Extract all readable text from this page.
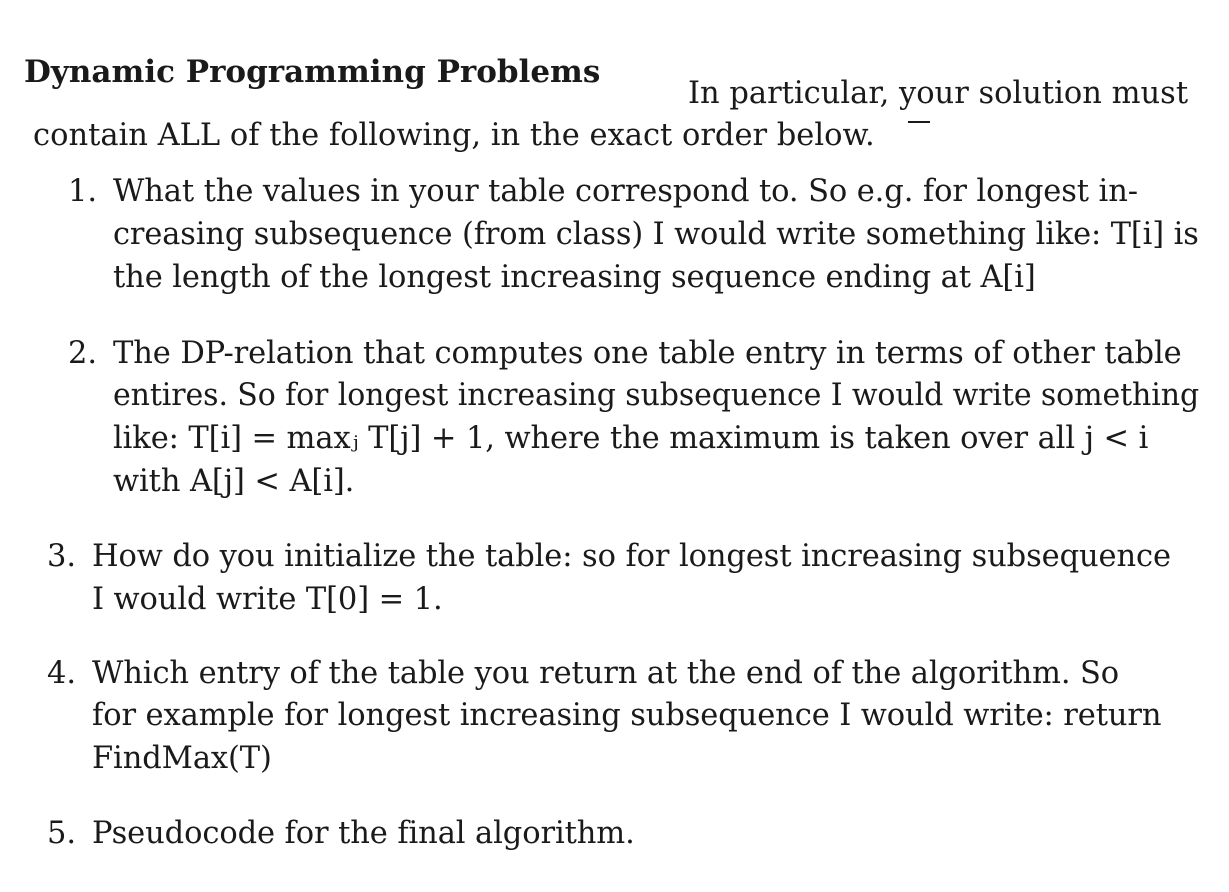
Dynamic Programming Problems
In particular, your solution must
contain ALL of the following, in the exact order below.
1. What the values in your table correspond to. So e.g. for longest in-
creasing subsequence (from class) I would write something like: T[i] is
the length of the longest increasing sequence ending at A[i]
2. The DP-relation that computes one table entry in terms of other table
entires. So for longest increasing subsequence I would write something
like: T[i] = maxⱼ T[j] + 1, where the maximum is taken over all j < i
with A[j] < A[i].
3. How do you initialize the table: so for longest increasing subsequence
I would write T[0] = 1.
4. Which entry of the table you return at the end of the algorithm. So
for example for longest increasing subsequence I would write: return
FindMax(T)
5. Pseudocode for the final algorithm.
